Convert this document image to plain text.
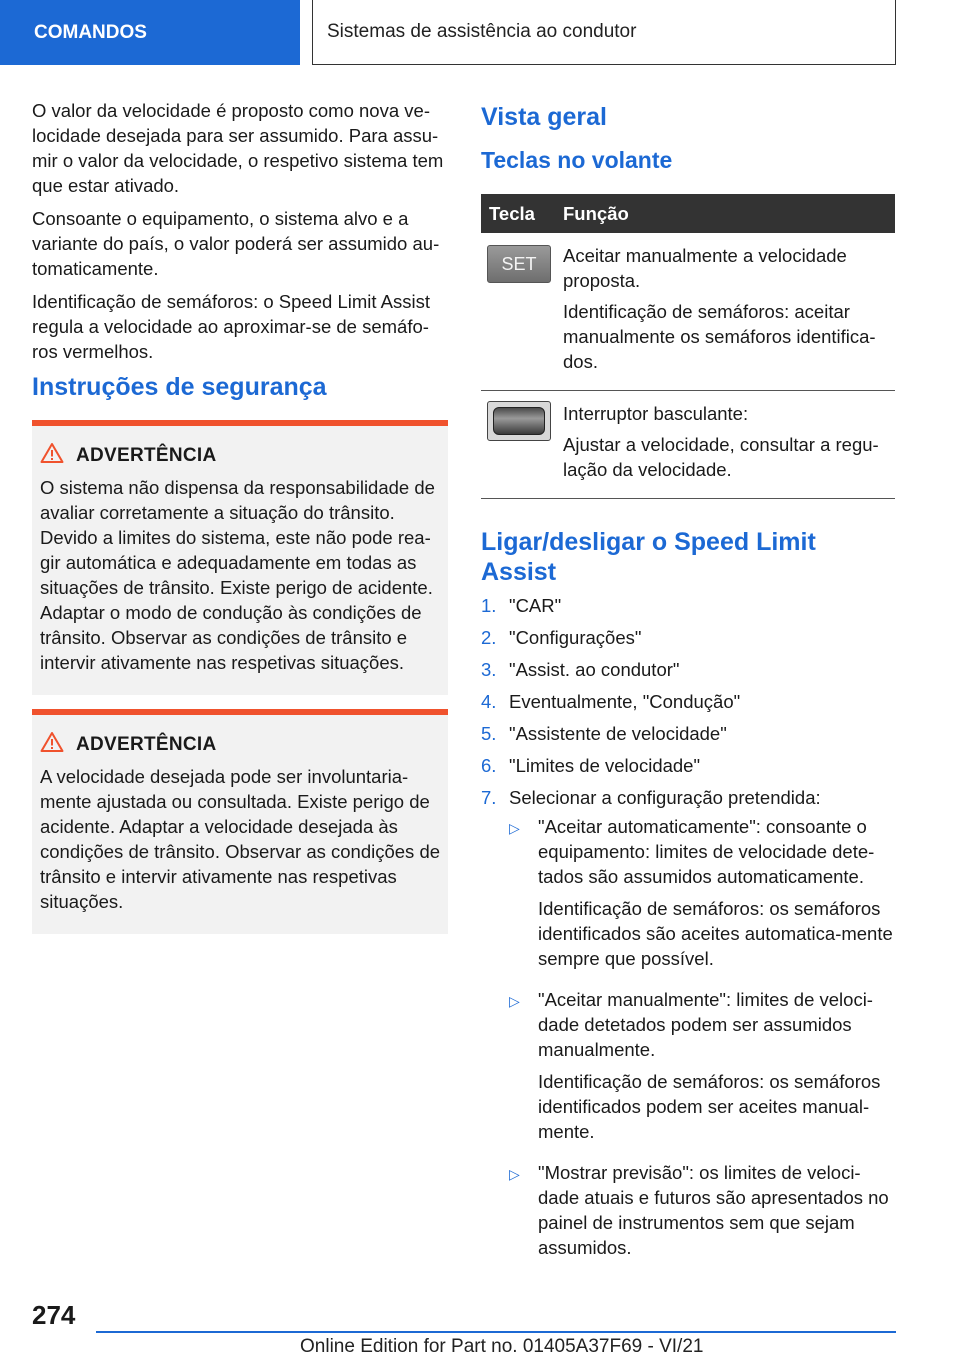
COMANDOS	Sistemas de assistência ao condutor

O valor da velocidade é proposto como nova ve-locidade desejada para ser assumido. Para assu-mir o valor da velocidade, o respetivo sistema tem que estar ativado.

Consoante o equipamento, o sistema alvo e a variante do país, o valor poderá ser assumido au-tomaticamente.

Identificação de semáforos: o Speed Limit Assist regula a velocidade ao aproximar-se de semáfo-ros vermelhos.

Instruções de segurança
ADVERTÊNCIA

O sistema não dispensa da responsabilidade de avaliar corretamente a situação do trânsito. Devido a limites do sistema, este não pode rea-gir automática e adequadamente em todas as situações de trânsito. Existe perigo de acidente. Adaptar o modo de condução às condições de trânsito. Observar as condições de trânsito e intervir ativamente nas respetivas situações.

ADVERTÊNCIA

A velocidade desejada pode ser involuntaria-mente ajustada ou consultada. Existe perigo de acidente. Adaptar a velocidade desejada às condições de trânsito. Observar as condições de trânsito e intervir ativamente nas respetivas situações.

Vista geral
Teclas no volante
Tecla	Função

SET	Aceitar manualmente a velocidade proposta.

Identificação de semáforos: aceitar manualmente os semáforos identifica-dos.

	Interruptor basculante:

Ajustar a velocidade, consultar a regu-lação da velocidade.

Ligar/desligar o Speed Limit Assist
1. "CAR"
2. "Configurações"
3. "Assist. ao condutor"
4. Eventualmente, "Condução"
5. "Assistente de velocidade"
6. "Limites de velocidade"
7. Selecionar a configuração pretendida:
▷ "Aceitar automaticamente": consoante o equipamento: limites de velocidade dete-tados são assumidos automaticamente.

Identificação de semáforos: os semáforos identificados são aceites automatica-mente sempre que possível.

▷ "Aceitar manualmente": limites de veloci-dade detetados podem ser assumidos manualmente.

Identificação de semáforos: os semáforos identificados podem ser aceites manual-mente.

▷ "Mostrar previsão": os limites de veloci-dade atuais e futuros são apresentados no painel de instrumentos sem que sejam assumidos.

274
Online Edition for Part no. 01405A37F69 - VI/21
